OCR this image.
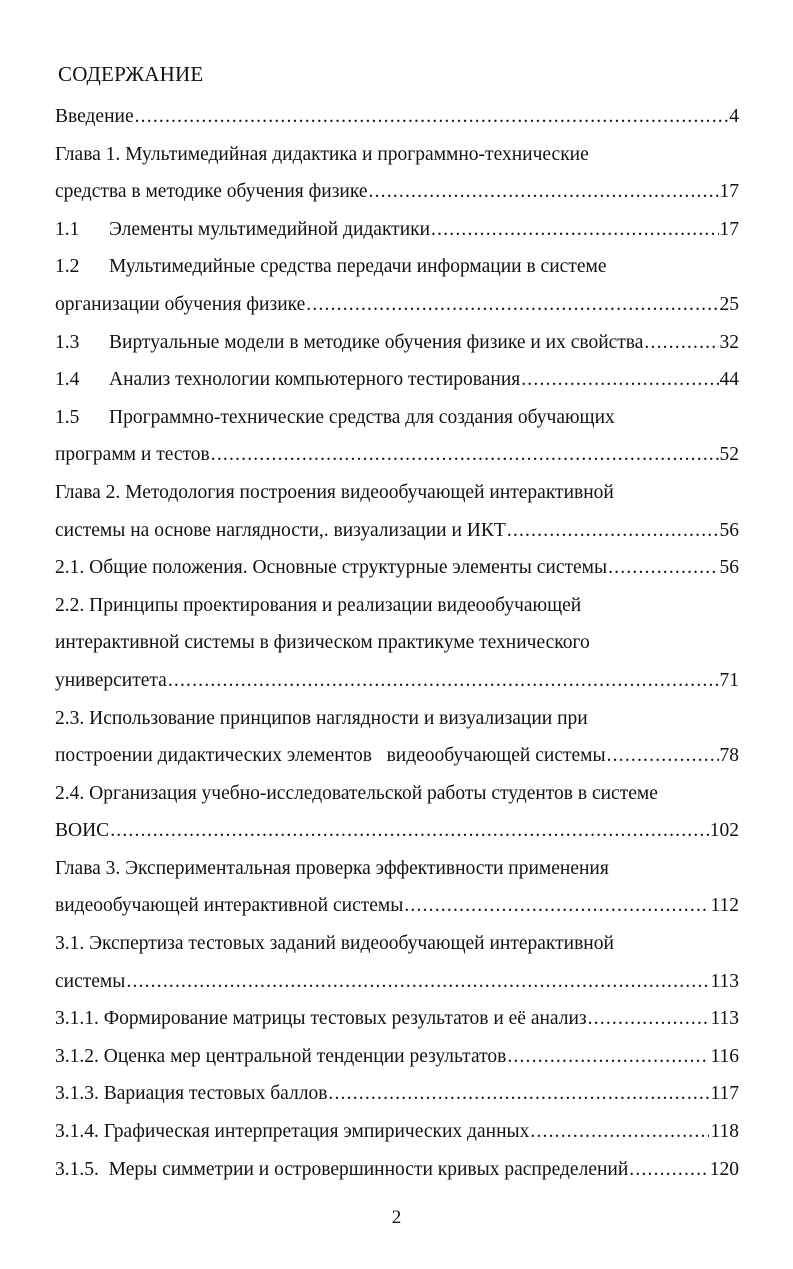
СОДЕРЖАНИЕ
Введение .....	4
Глава 1. Мультимедийная дидактика и программно-технические
средства в методике обучения физике .....	17
1.1	Элементы мультимедийной дидактики .....	17
1.2	Мультимедийные средства передачи информации в системе
организации обучения физике .....	25
1.3	Виртуальные модели в методике обучения физике и их свойства .....	32
1.4	Анализ технологии компьютерного тестирования .....	44
1.5	Программно-технические средства для создания обучающих
программ и тестов .....	52
Глава 2. Методология построения видеообучающей интерактивной
системы на основе наглядности,. визуализации и ИКТ .....	56
2.1. Общие положения. Основные структурные элементы системы .....	56
2.2. Принципы проектирования и реализации видеообучающей
интерактивной системы в физическом практикуме технического
университета .....	71
2.3. Использование принципов наглядности и визуализации при
построении дидактических элементов   видеообучающей системы .....	78
2.4. Организация учебно-исследовательской работы студентов в системе
ВОИС .....	102
Глава 3. Экспериментальная проверка эффективности применения
видеообучающей интерактивной системы .....	112
3.1. Экспертиза тестовых заданий видеообучающей интерактивной
системы .....	113
3.1.1. Формирование матрицы тестовых результатов и её анализ .....	113
3.1.2. Оценка мер центральной тенденции результатов .....	116
3.1.3. Вариация тестовых баллов .....	117
3.1.4. Графическая интерпретация эмпирических данных .....	118
3.1.5.  Меры симметрии и островершинности кривых распределений .....	120
2
